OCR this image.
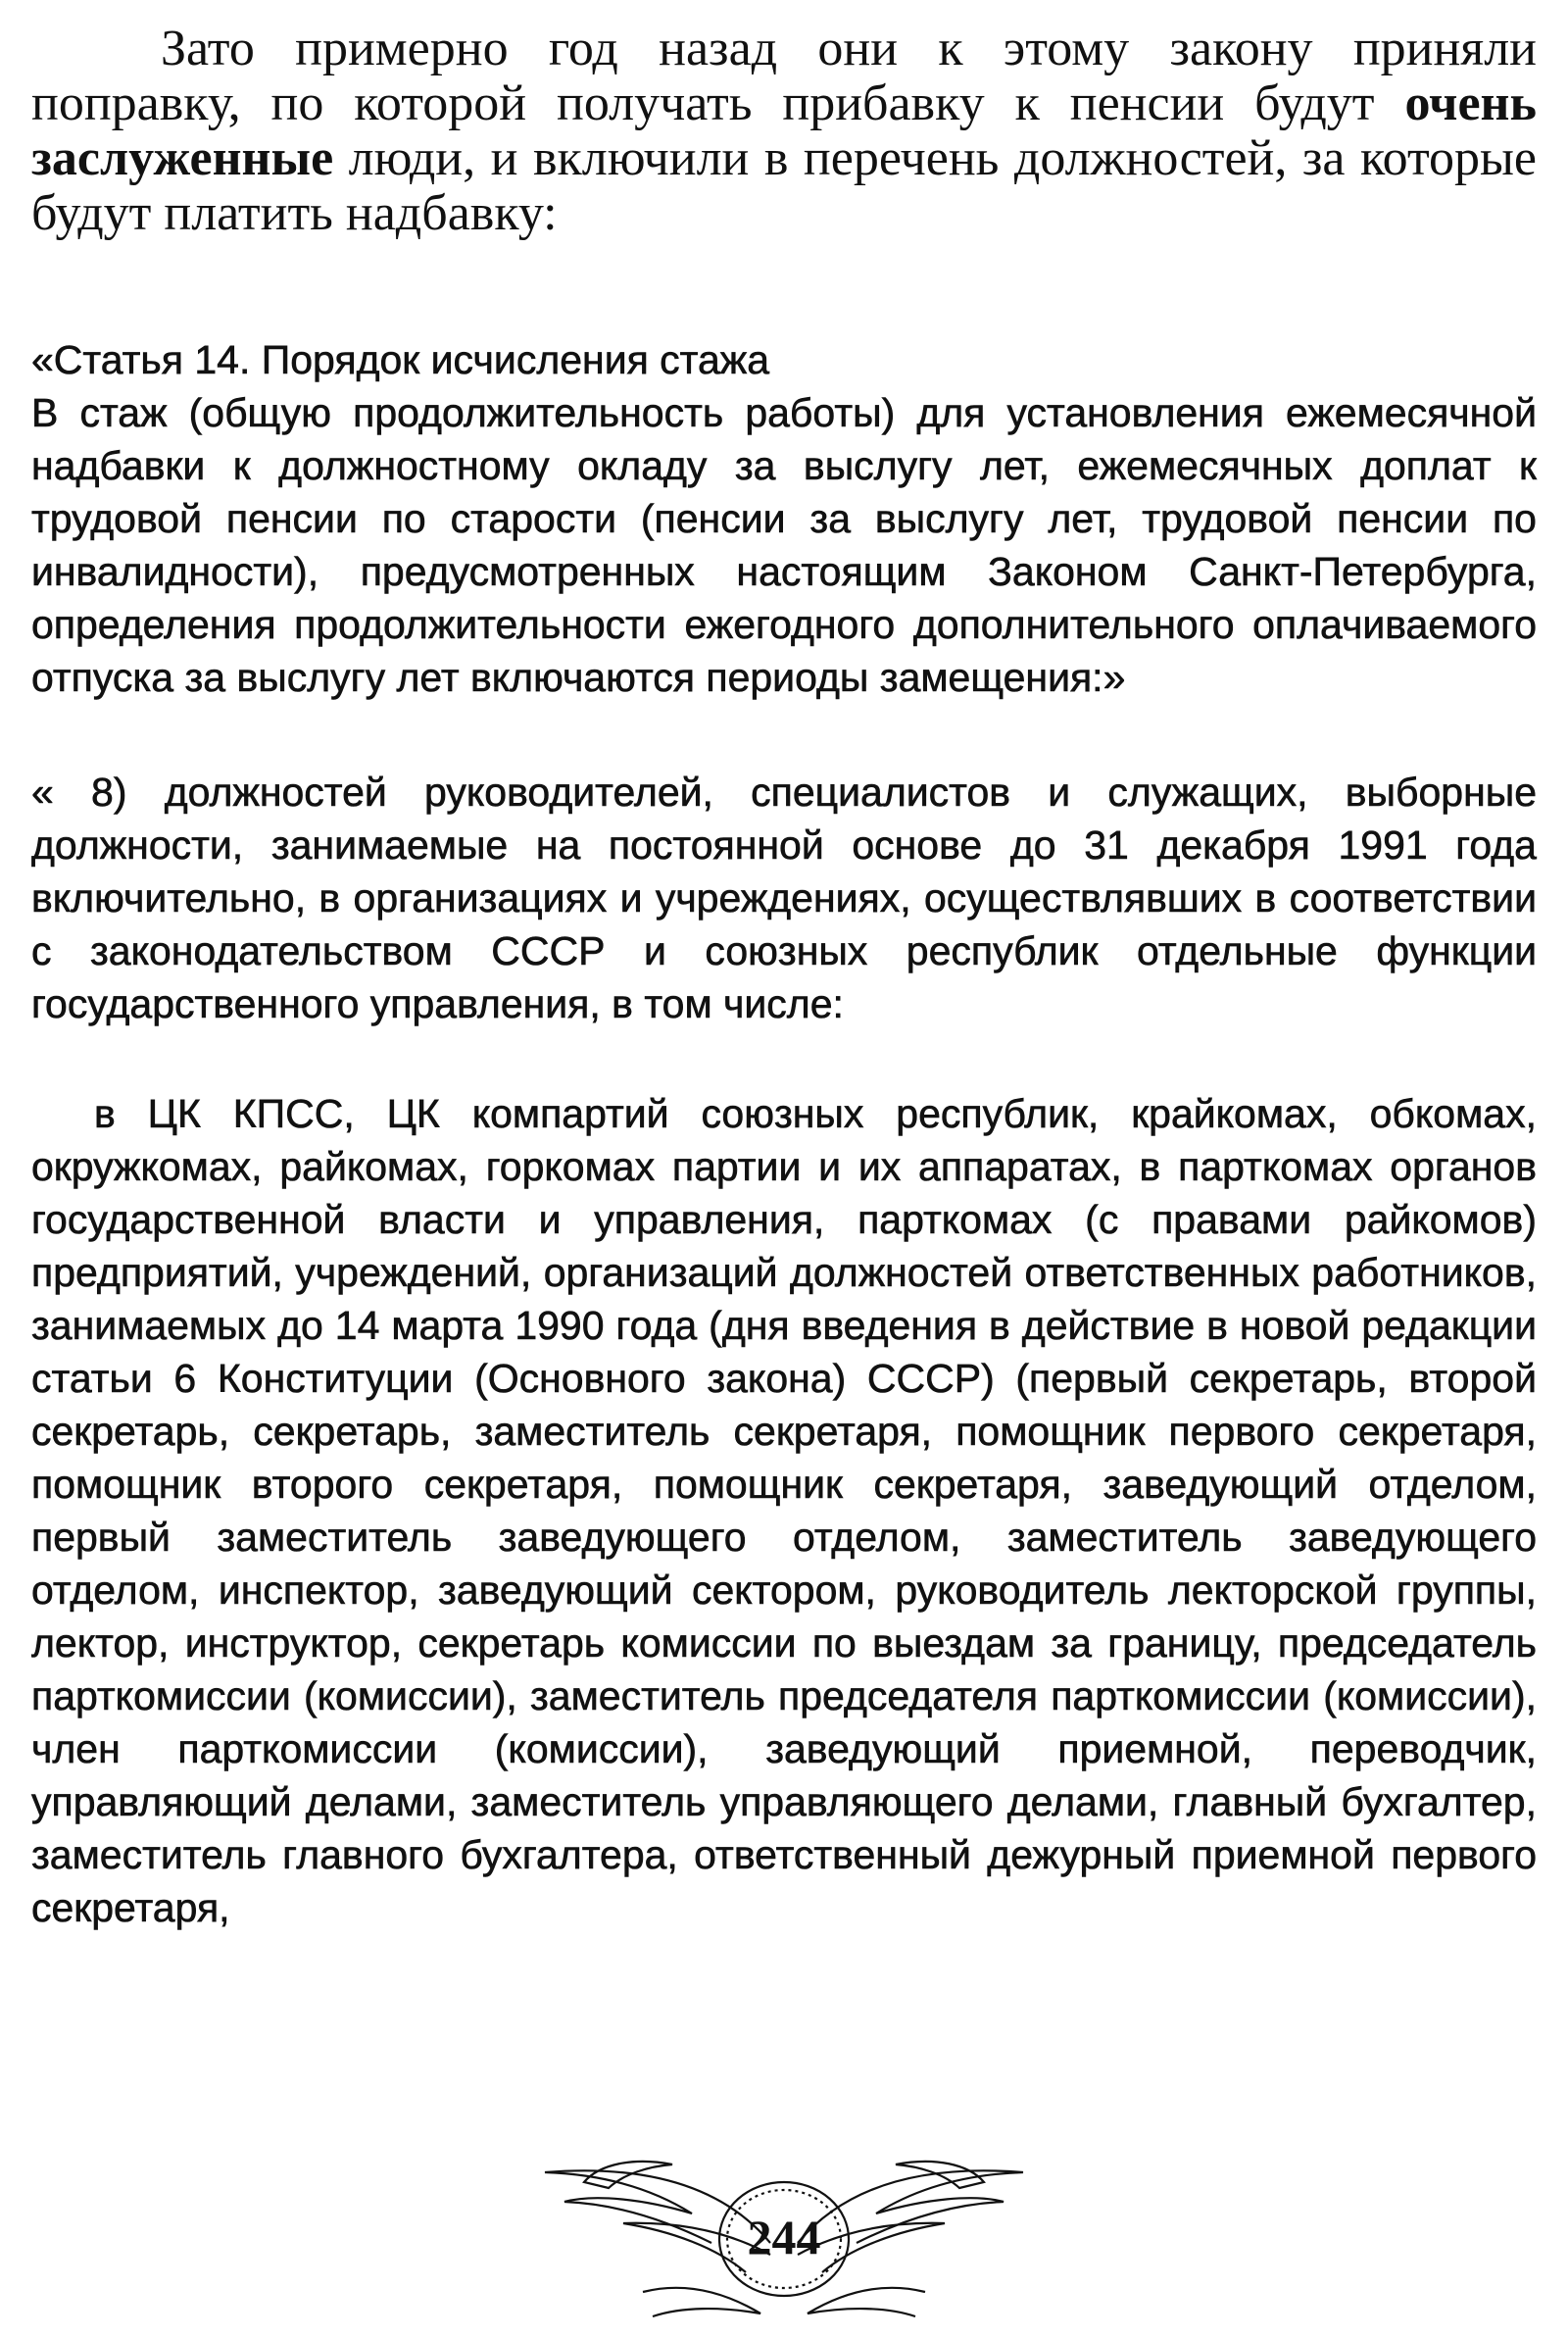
Зато примерно год назад они к этому закону приняли поправку, по которой получать прибавку к пенсии будут очень заслуженные люди, и включили в перечень должностей, за которые будут платить надбавку:

«Статья 14. Порядок исчисления стажа

В стаж (общую продолжительность работы) для установления ежемесячной надбавки к должностному окладу за выслугу лет, ежемесячных доплат к трудовой пенсии по старости (пенсии за выслугу лет, трудовой пенсии по инвалидности), предусмотренных настоящим Законом Санкт-Петербурга, определения продолжительности ежегодного дополнительного оплачиваемого отпуска за выслугу лет включаются периоды замещения:»

« 8) должностей руководителей, специалистов и служащих, выборные должности, занимаемые на постоянной основе до 31 декабря 1991 года включительно, в организациях и учреждениях, осуществлявших в соответствии с законодательством СССР и союзных республик отдельные функции государственного управления, в том числе:

в ЦК КПСС, ЦК компартий союзных республик, крайкомах, обкомах, окружкомах, райкомах, горкомах партии и их аппаратах, в парткомах органов государственной власти и управления, парткомах (с правами райкомов) предприятий, учреждений, организаций должностей ответственных работников, занимаемых до 14 марта 1990 года (дня введения в действие в новой редакции статьи 6 Конституции (Основного закона) СССР) (первый секретарь, второй секретарь, секретарь, заместитель секретаря, помощник первого секретаря, помощник второго секретаря, помощник секретаря, заведующий отделом, первый заместитель заведующего отделом, заместитель заведующего отделом, инспектор, заведующий сектором, руководитель лекторской группы, лектор, инструктор, секретарь комиссии по выездам за границу, председатель парткомиссии (комиссии), заместитель председателя парткомиссии (комиссии), член парткомиссии (комиссии), заведующий приемной, переводчик, управляющий делами, заместитель управляющего делами, главный бухгалтер, заместитель главного бухгалтера, ответственный дежурный приемной первого секретаря,

244
